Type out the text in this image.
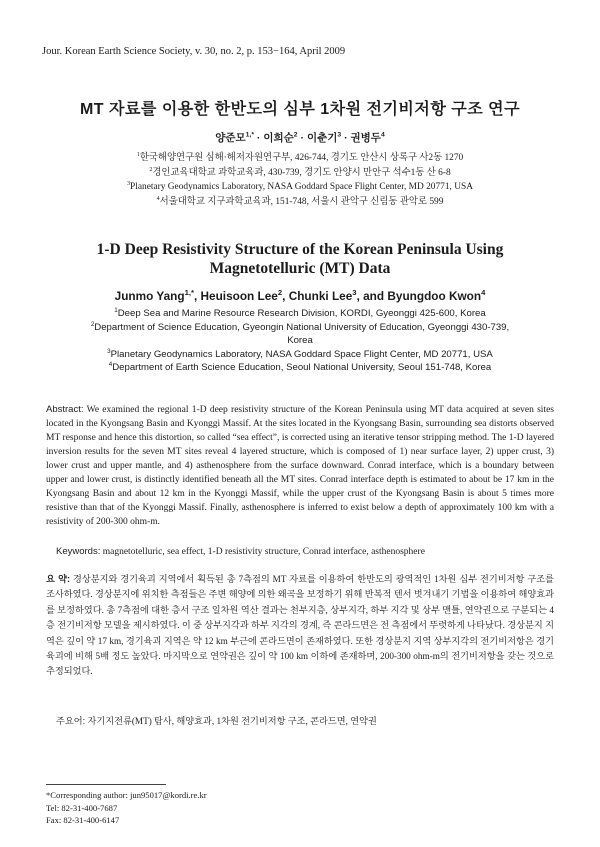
Jour. Korean Earth Science Society, v. 30, no. 2, p. 153−164, April 2009
MT 자료를 이용한 한반도의 심부 1차원 전기비저항 구조 연구
양준모$^{1,*}$ · 이희순$^2$ · 이춘기$^3$ · 권병두$^4$
$^1$한국해양연구원 심해·해저자원연구부, 426-744, 경기도 안산시 상록구 사2동 1270
$^2$경인교육대학교 과학교육과, 430-739, 경기도 안양시 만안구 석수1동 산 6-8
$^3$Planetary Geodynamics Laboratory, NASA Goddard Space Flight Center, MD 20771, USA
$^4$서울대학교 지구과학교육과, 151-748, 서울시 관악구 신림동 관악로 599
1-D Deep Resistivity Structure of the Korean Peninsula Using
Magnetotelluric (MT) Data
Junmo Yang$^{1,*}$, Heuisoon Lee$^2$, Chunki Lee$^3$, and Byungdoo Kwon$^4$
$^1$Deep Sea and Marine Resource Research Division, KORDI, Gyeonggi 425-600, Korea
$^2$Department of Science Education, Gyeongin National University of Education, Gyeonggi 430-739, Korea
$^3$Planetary Geodynamics Laboratory, NASA Goddard Space Flight Center, MD 20771, USA
$^4$Department of Earth Science Education, Seoul National University, Seoul 151-748, Korea
Abstract: We examined the regional 1-D deep resistivity structure of the Korean Peninsula using MT data acquired at seven sites located in the Kyongsang Basin and Kyonggi Massif. At the sites located in the Kyongsang Basin, surrounding sea distorts observed MT response and hence this distortion, so called “sea effect”, is corrected using an iterative tensor stripping method. The 1-D layered inversion results for the seven MT sites reveal 4 layered structure, which is composed of 1) near surface layer, 2) upper crust, 3) lower crust and upper mantle, and 4) asthenosphere from the surface downward. Conrad interface, which is a boundary between upper and lower crust, is distinctly identified beneath all the MT sites. Conrad interface depth is estimated to about be 17 km in the Kyongsang Basin and about 12 km in the Kyonggi Massif, while the upper crust of the Kyongsang Basin is about 5 times more resistive than that of the Kyonggi Massif. Finally, asthenosphere is inferred to exist below a depth of approximately 100 km with a resistivity of 200-300 ohm-m.
Keywords: magnetotelluric, sea effect, 1-D resistivity structure, Conrad interface, asthenosphere
요 약: 경상분지와 경기육괴 지역에서 획득된 총 7측점의 MT 자료를 이용하여 한반도의 광역적인 1차원 심부 전기비저항 구조를 조사하였다. 경상분지에 위치한 측점들은 주변 해양에 의한 왜곡을 보정하기 위해 반복적 텐서 벗겨내기 기법을 이용하여 해양효과를 보정하였다. 총 7측점에 대한 층서 구조 일차원 역산 결과는 천부지층, 상부지각, 하부 지각 및 상부 맨틀, 연약권으로 구분되는 4층 전기비저항 모델을 제시하였다. 이 중 상부지각과 하부 지각의 경계, 즉 콘라드면은 전 측점에서 뚜렷하게 나타났다. 경상분지 지역은 깊이 약 17 km, 경기육괴 지역은 약 12 km 부근에 콘라드면이 존재하였다. 또한 경상분지 지역 상부지각의 전기비저항은 경기육괴에 비해 5배 정도 높았다. 마지막으로 연약권은 깊이 약 100 km 이하에 존재하며, 200-300 ohm-m의 전기비저항을 갖는 것으로 추정되었다.
주요어: 자기지전류(MT) 탐사, 해양효과, 1차원 전기비저항 구조, 콘라드면, 연약권
*Corresponding author: jun95017@kordi.re.kr
Tel: 82-31-400-7687
Fax: 82-31-400-6147
